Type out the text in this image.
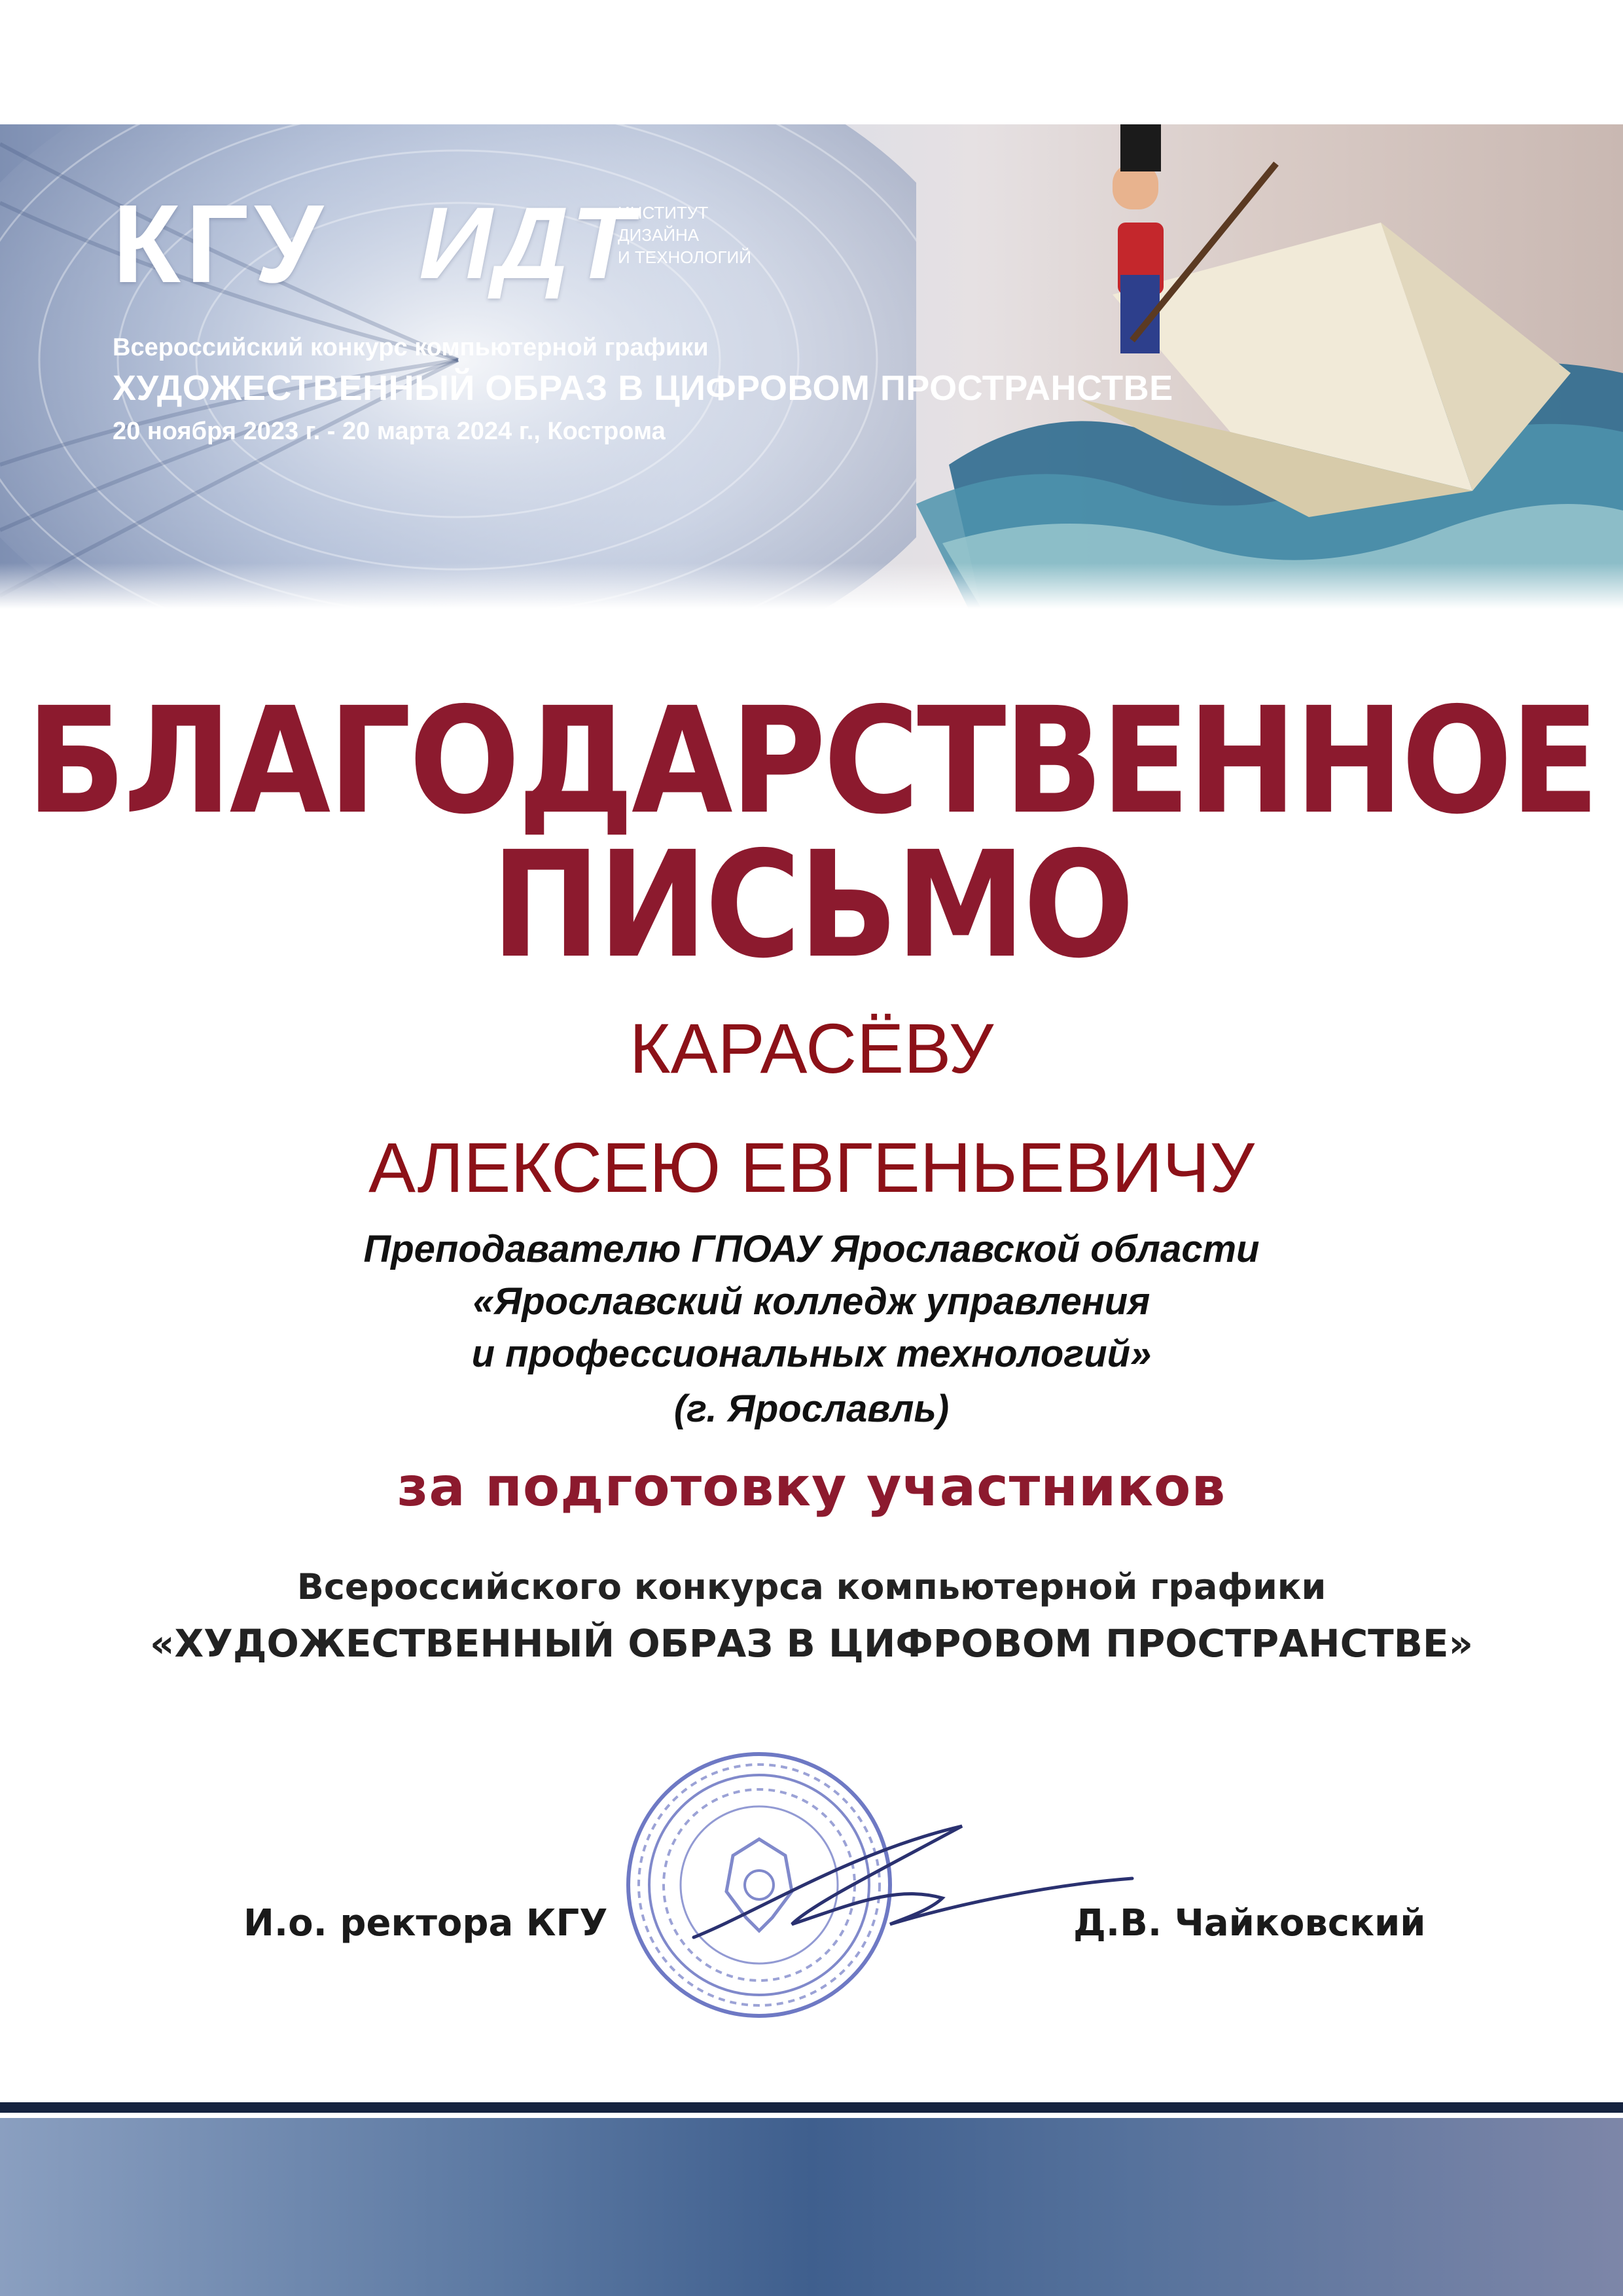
КГУ ИДТ
ИНСТИТУТ
ДИЗАЙНА
И ТЕХНОЛОГИЙ
Всероссийский конкурс компьютерной графики
ХУДОЖЕСТВЕННЫЙ ОБРАЗ В ЦИФРОВОМ ПРОСТРАНСТВЕ
20 ноября 2023 г. - 20 марта 2024 г., Кострома
БЛАГОДАРСТВЕННОЕ
ПИСЬМО
КАРАСЁВУ
АЛЕКСЕЮ ЕВГЕНЬЕВИЧУ
Преподавателю ГПОАУ Ярославской области
«Ярославский колледж управления
и профессиональных технологий»
(г. Ярославль)
за подготовку участников
Всероссийского конкурса компьютерной графики
«ХУДОЖЕСТВЕННЫЙ ОБРАЗ В ЦИФРОВОМ ПРОСТРАНСТВЕ»
И.о. ректора КГУ	Д.В. Чайковский
